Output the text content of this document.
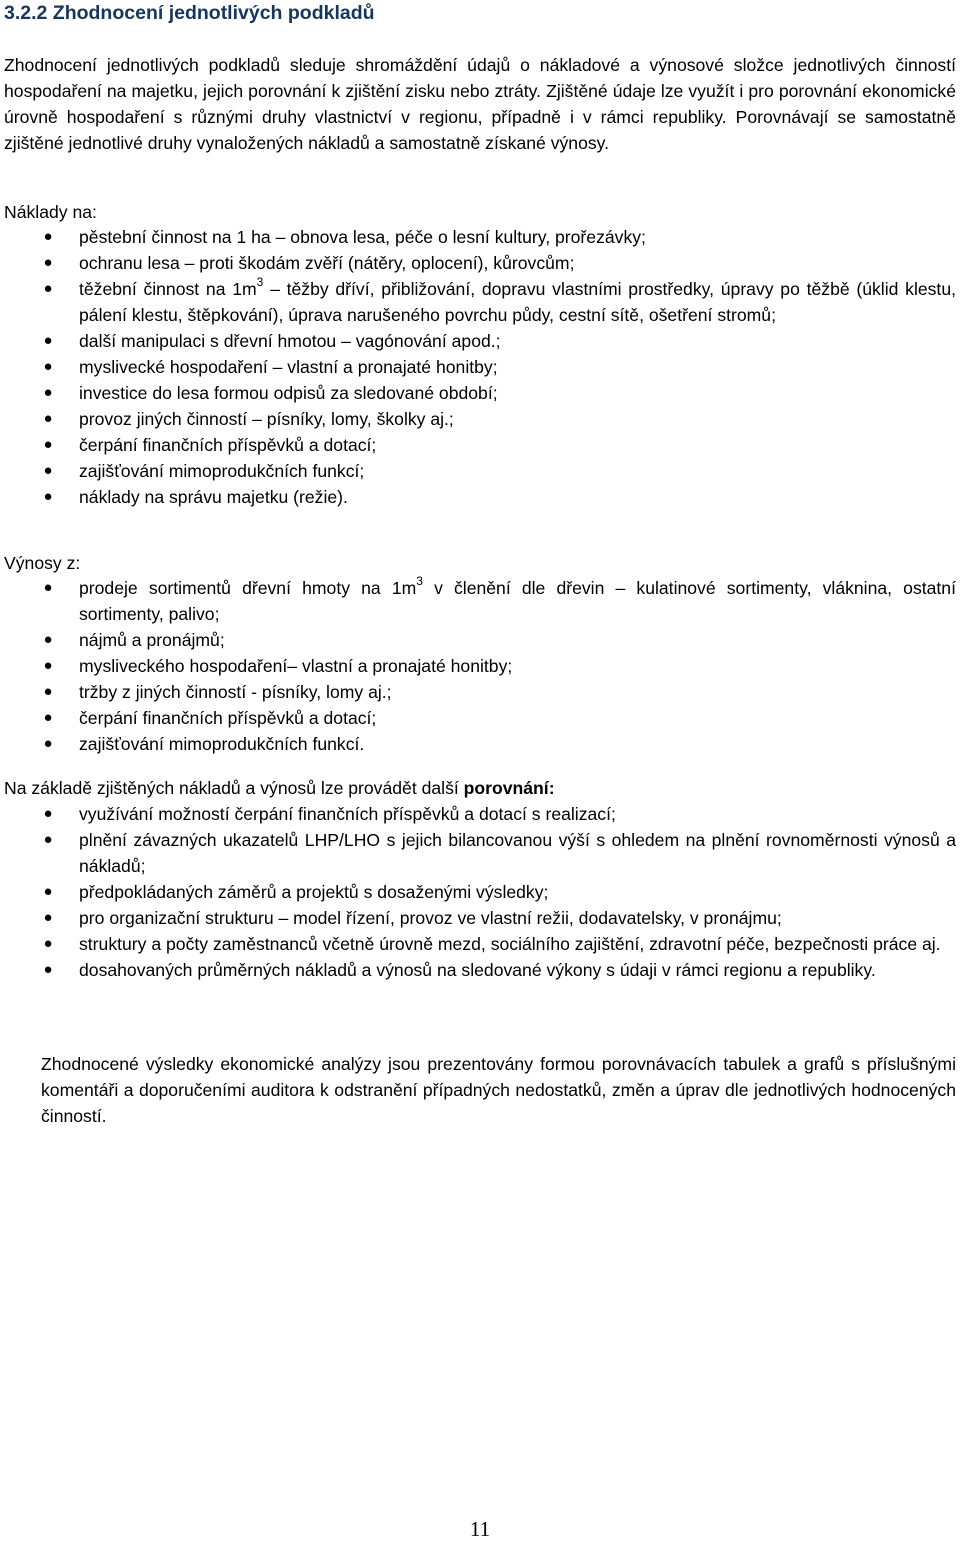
3.2.2 Zhodnocení jednotlivých podkladů

Zhodnocení jednotlivých podkladů sleduje shromáždění údajů o nákladové a výnosové složce jednotlivých činností hospodaření na majetku, jejich porovnání k zjištění zisku nebo ztráty. Zjištěné údaje lze využít i pro porovnání ekonomické úrovně hospodaření s různými druhy vlastnictví v regionu, případně i v rámci republiky. Porovnávají se samostatně zjištěné jednotlivé druhy vynaložených nákladů a samostatně získané výnosy.

Náklady na:
●	pěstební činnost na 1 ha – obnova lesa, péče o lesní kultury, prořezávky;
●	ochranu lesa – proti škodám zvěří (nátěry, oplocení), kůrovcům;
●	těžební činnost na $1m^3$ – těžby dříví, přibližování, dopravu vlastními prostředky, úpravy po těžbě (úklid klestu, pálení klestu, štěpkování), úprava narušeného povrchu půdy, cestní sítě, ošetření stromů;
●	další manipulaci s dřevní hmotou – vagónování apod.;
●	myslivecké hospodaření – vlastní a pronajaté honitby;
●	investice do lesa formou odpisů za sledované období;
●	provoz jiných činností – písníky, lomy, školky aj.;
●	čerpání finančních příspěvků a dotací;
●	zajišťování mimoprodukčních funkcí;
●	náklady na správu majetku (režie).
Výnosy z:
●	prodeje sortimentů dřevní hmoty na $1m^3$ v členění dle dřevin – kulatinové sortimenty, vláknina, ostatní sortimenty, palivo;
●	nájmů a pronájmů;
●	mysliveckého hospodaření– vlastní a pronajaté honitby;
●	tržby z jiných činností - písníky, lomy aj.;
●	čerpání finančních příspěvků a dotací;
●	zajišťování mimoprodukčních funkcí.
Na základě zjištěných nákladů a výnosů lze provádět další porovnání:
●	využívání možností čerpání finančních příspěvků a dotací s realizací;
●	plnění závazných ukazatelů LHP/LHO s jejich bilancovanou výší s ohledem na plnění rovnoměrnosti výnosů a nákladů;
●	předpokládaných záměrů a projektů s dosaženými výsledky;
●	pro organizační strukturu – model řízení, provoz ve vlastní režii, dodavatelsky, v pronájmu;
●	struktury a počty zaměstnanců včetně úrovně mezd, sociálního zajištění, zdravotní péče, bezpečnosti práce aj.
●	dosahovaných průměrných nákladů a výnosů na sledované výkony s údaji v rámci regionu a republiky.

Zhodnocené výsledky ekonomické analýzy jsou prezentovány formou porovnávacích tabulek a grafů s příslušnými komentáři a doporučeními auditora k odstranění případných nedostatků, změn a úprav dle jednotlivých hodnocených činností.

11
